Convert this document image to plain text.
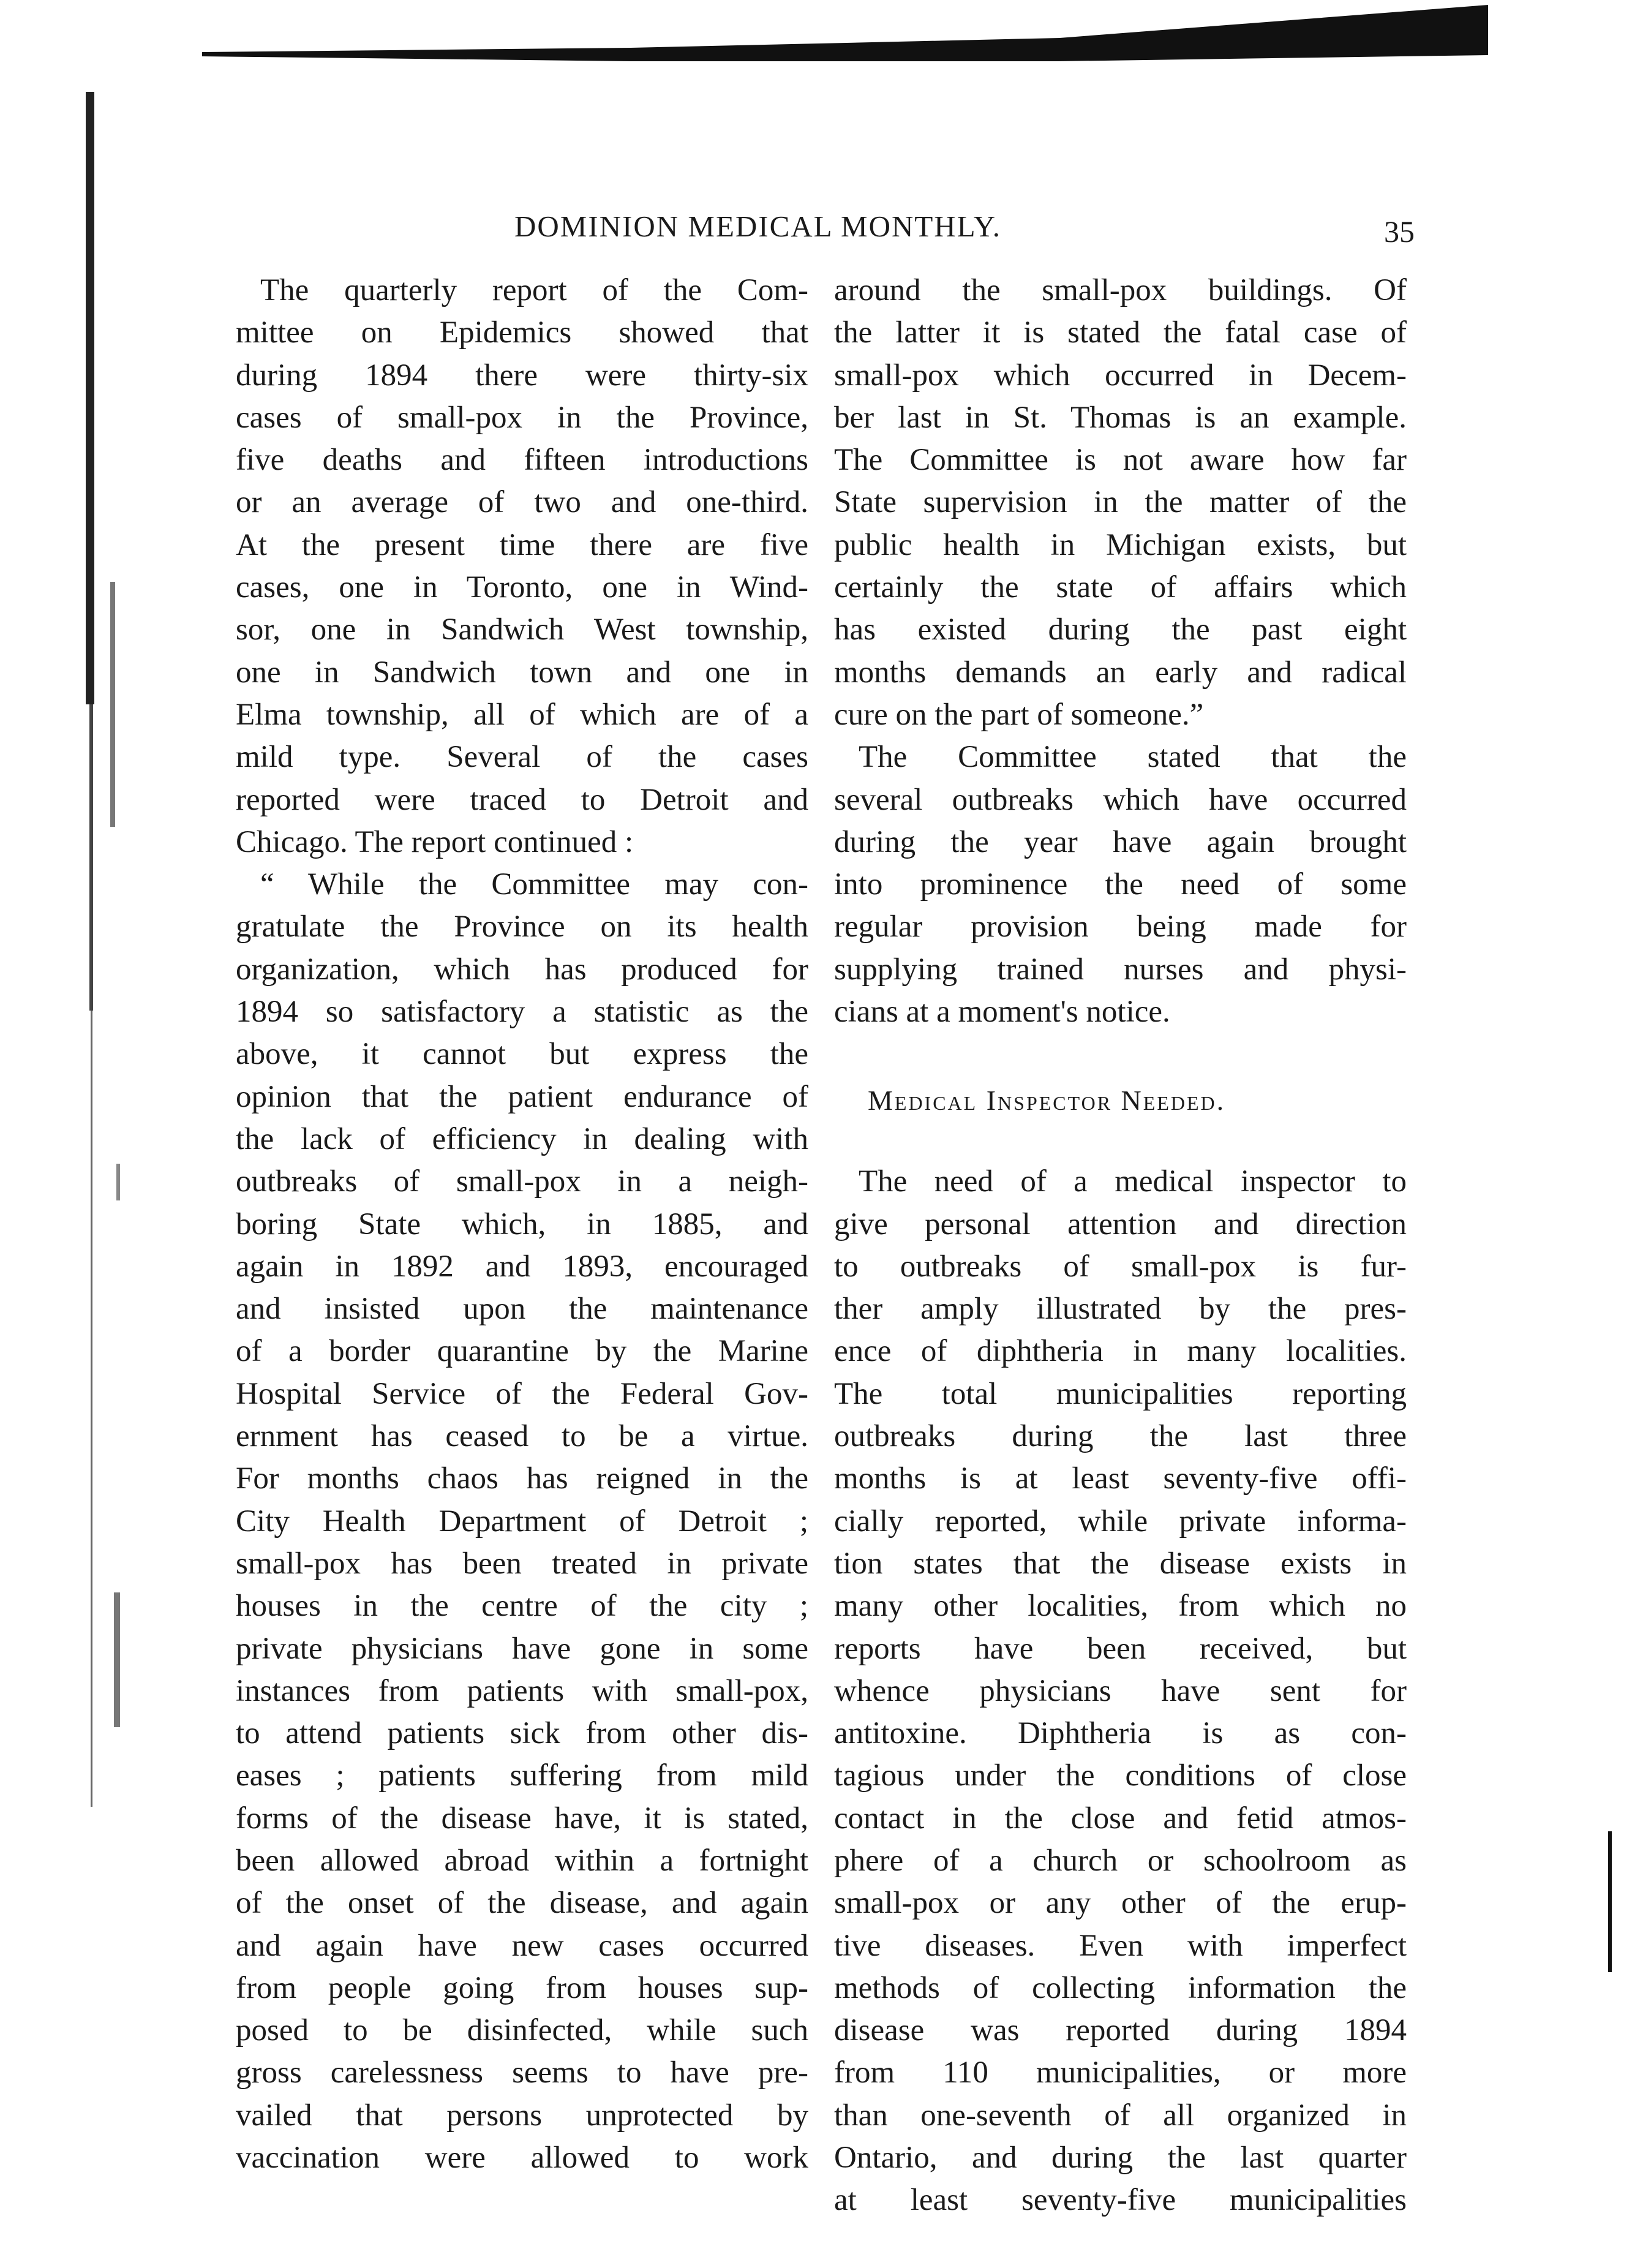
DOMINION MEDICAL MONTHLY.	35
The quarterly report of the Com-
mittee on Epidemics showed that
during 1894 there were thirty-six
cases of small-pox in the Province,
five deaths and fifteen introductions
or an average of two and one-third.
At the present time there are five
cases, one in Toronto, one in Wind-
sor, one in Sandwich West township,
one in Sandwich town and one in
Elma township, all of which are of a
mild type. Several of the cases
reported were traced to Detroit and
Chicago. The report continued :
“ While the Committee may con-
gratulate the Province on its health
organization, which has produced for
1894 so satisfactory a statistic as the
above, it cannot but express the
opinion that the patient endurance of
the lack of efficiency in dealing with
outbreaks of small-pox in a neigh-
boring State which, in 1885, and
again in 1892 and 1893, encouraged
and insisted upon the maintenance
of a border quarantine by the Marine
Hospital Service of the Federal Gov-
ernment has ceased to be a virtue.
For months chaos has reigned in the
City Health Department of Detroit ;
small-pox has been treated in private
houses in the centre of the city ;
private physicians have gone in some
instances from patients with small-pox,
to attend patients sick from other dis-
eases ; patients suffering from mild
forms of the disease have, it is stated,
been allowed abroad within a fortnight
of the onset of the disease, and again
and again have new cases occurred
from people going from houses sup-
posed to be disinfected, while such
gross carelessness seems to have pre-
vailed that persons unprotected by
vaccination were allowed to work
around the small-pox buildings. Of
the latter it is stated the fatal case of
small-pox which occurred in Decem-
ber last in St. Thomas is an example.
The Committee is not aware how far
State supervision in the matter of the
public health in Michigan exists, but
certainly the state of affairs which
has existed during the past eight
months demands an early and radical
cure on the part of someone.”
The Committee stated that the
several outbreaks which have occurred
during the year have again brought
into prominence the need of some
regular provision being made for
supplying trained nurses and physi-
cians at a moment's notice.
Medical Inspector Needed.
The need of a medical inspector to
give personal attention and direction
to outbreaks of small-pox is fur-
ther amply illustrated by the pres-
ence of diphtheria in many localities.
The total municipalities reporting
outbreaks during the last three
months is at least seventy-five offi-
cially reported, while private informa-
tion states that the disease exists in
many other localities, from which no
reports have been received, but
whence physicians have sent for
antitoxine. Diphtheria is as con-
tagious under the conditions of close
contact in the close and fetid atmos-
phere of a church or schoolroom as
small-pox or any other of the erup-
tive diseases. Even with imperfect
methods of collecting information the
disease was reported during 1894
from 110 municipalities, or more
than one-seventh of all organized in
Ontario, and during the last quarter
at least seventy-five municipalities
